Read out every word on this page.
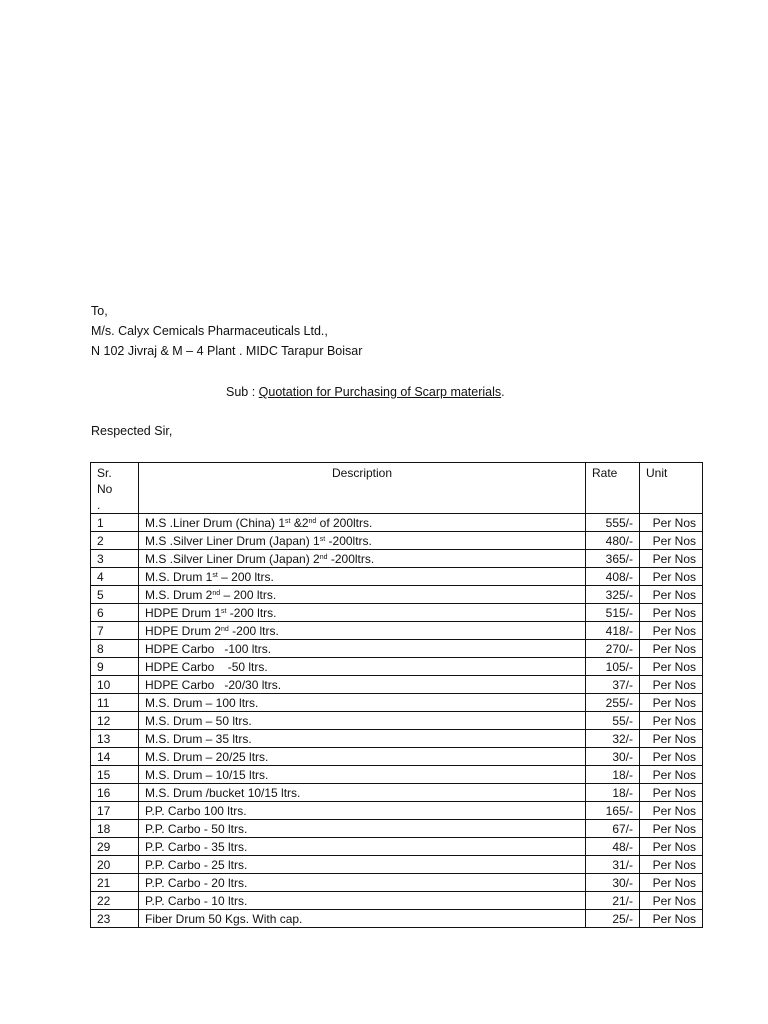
To,
M/s. Calyx Cemicals Pharmaceuticals Ltd.,
N 102 Jivraj & M – 4 Plant . MIDC Tarapur Boisar
Sub : Quotation for Purchasing of Scarp materials.
Respected Sir,
Sr.No .	Description	Rate	Unit
1	M.S .Liner Drum (China) 1st &2nd of 200ltrs.	555/-	Per Nos
2	M.S .Silver Liner Drum (Japan) 1st -200ltrs.	480/-	Per Nos
3	M.S .Silver Liner Drum (Japan) 2nd -200ltrs.	365/-	Per Nos
4	M.S. Drum 1st – 200 ltrs.	408/-	Per Nos
5	M.S. Drum 2nd – 200 ltrs.	325/-	Per Nos
6	HDPE Drum 1st -200 ltrs.	515/-	Per Nos
7	HDPE Drum 2nd -200 ltrs.	418/-	Per Nos
8	HDPE Carbo   -100 ltrs.	270/-	Per Nos
9	HDPE Carbo    -50 ltrs.	105/-	Per Nos
10	HDPE Carbo   -20/30 ltrs.	37/-	Per Nos
11	M.S. Drum – 100 ltrs.	255/-	Per Nos
12	M.S. Drum – 50 ltrs.	55/-	Per Nos
13	M.S. Drum – 35 ltrs.	32/-	Per Nos
14	M.S. Drum – 20/25 ltrs.	30/-	Per Nos
15	M.S. Drum – 10/15 ltrs.	18/-	Per Nos
16	M.S. Drum /bucket 10/15 ltrs.	18/-	Per Nos
17	P.P. Carbo 100 ltrs.	165/-	Per Nos
18	P.P. Carbo - 50 ltrs.	67/-	Per Nos
29	P.P. Carbo - 35 ltrs.	48/-	Per Nos
20	P.P. Carbo - 25 ltrs.	31/-	Per Nos
21	P.P. Carbo - 20 ltrs.	30/-	Per Nos
22	P.P. Carbo - 10 ltrs.	21/-	Per Nos
23	Fiber Drum 50 Kgs. With cap.	25/-	Per Nos
